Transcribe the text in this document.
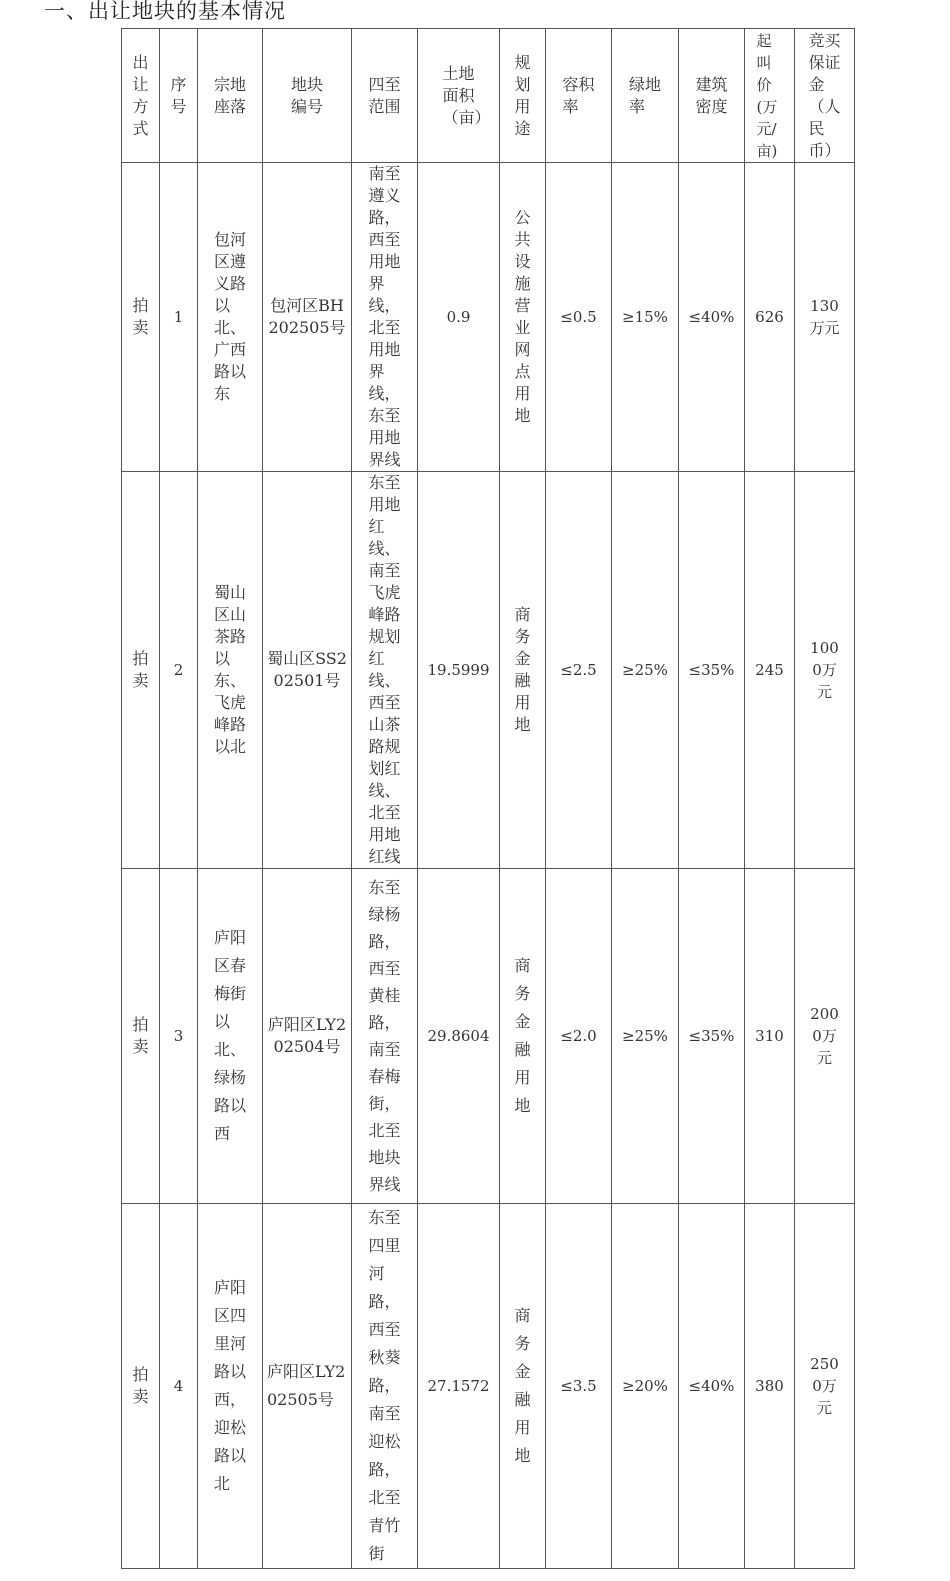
一、出让地块的基本情况
出让方式	序号	宗地座落	地块编号	四至范围	土地面积（亩）	规划用途	容积率	绿地率	建筑密度	起叫价(万元/亩)	竞买保证金（人民币）

拍卖	1	包河区遵义路以北、广西路以东	包河区BH202505号	南至遵义路，西至用地界线，北至用地界线，东至用地界线	0.9	公共设施营业网点用地	≤0.5	≥15%	≤40%	626	130万元

拍卖	2	蜀山区山茶路以东、飞虎峰路以北	蜀山区SS202501号	东至用地红线、南至飞虎峰路规划红线、西至山茶路规划红线、北至用地红线	19.5999	商务金融用地	≤2.5	≥25%	≤35%	245	1000万元

拍卖	3	庐阳区春梅街以北、绿杨路以西	庐阳区LY202504号	东至绿杨路，西至黄桂路，南至春梅街，北至地块界线	29.8604	商务金融用地	≤2.0	≥25%	≤35%	310	2000万元

拍卖	4	庐阳区四里河路以西，迎松路以北	庐阳区LY202505号	东至四里河路，西至秋葵路，南至迎松路，北至青竹街	27.1572	商务金融用地	≤3.5	≥20%	≤40%	380	2500万元
